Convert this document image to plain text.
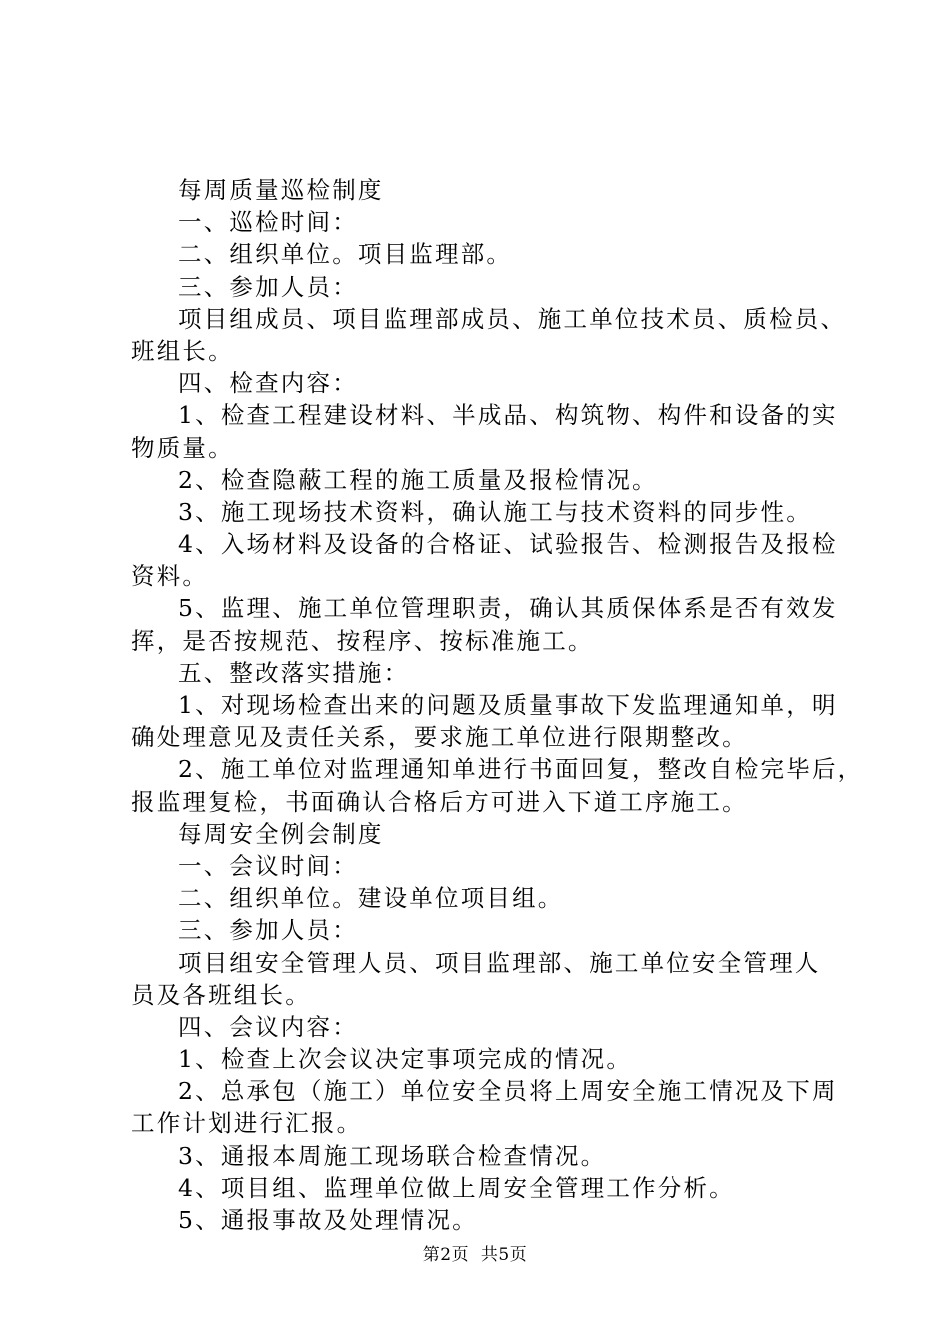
每周质量巡检制度
一、巡检时间：
二、组织单位。项目监理部。
三、参加人员：
项目组成员、项目监理部成员、施工单位技术员、质检员、
班组长。
四、检查内容：
1、检查工程建设材料、半成品、构筑物、构件和设备的实
物质量。
2、检查隐蔽工程的施工质量及报检情况。
3、施工现场技术资料，确认施工与技术资料的同步性。
4、入场材料及设备的合格证、试验报告、检测报告及报检
资料。
5、监理、施工单位管理职责，确认其质保体系是否有效发
挥，是否按规范、按程序、按标准施工。
五、整改落实措施：
1、对现场检查出来的问题及质量事故下发监理通知单，明
确处理意见及责任关系，要求施工单位进行限期整改。
2、施工单位对监理通知单进行书面回复，整改自检完毕后，
报监理复检，书面确认合格后方可进入下道工序施工。
每周安全例会制度
一、会议时间：
二、组织单位。建设单位项目组。
三、参加人员：
项目组安全管理人员、项目监理部、施工单位安全管理人
员及各班组长。
四、会议内容：
1、检查上次会议决定事项完成的情况。
2、总承包（施工）单位安全员将上周安全施工情况及下周
工作计划进行汇报。
3、通报本周施工现场联合检查情况。
4、项目组、监理单位做上周安全管理工作分析。
5、通报事故及处理情况。
第2页  共5页
